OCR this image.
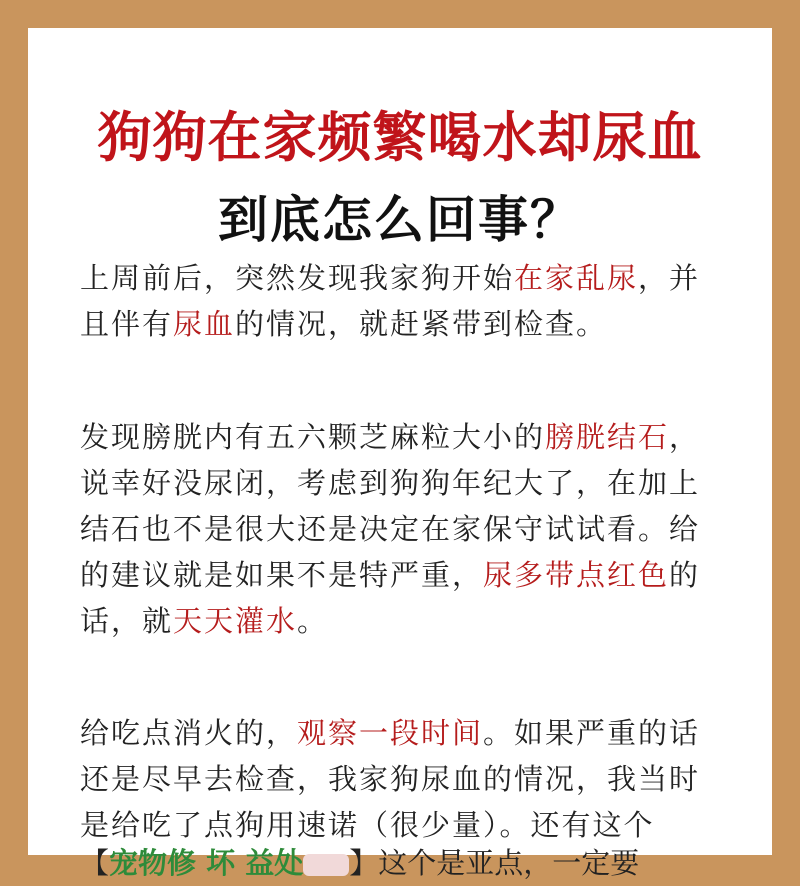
狗狗在家频繁喝水却尿血
到底怎么回事？
上周前后，突然发现我家狗开始在家乱尿，并且伴有尿血的情况，就赶紧带到检查。
发现膀胱内有五六颗芝麻粒大小的膀胱结石，说幸好没尿闭，考虑到狗狗年纪大了，在加上结石也不是很大还是决定在家保守试试看。给的建议就是如果不是特严重，尿多带点红色的话，就天天灌水。
给吃点消火的，观察一段时间。如果严重的话还是尽早去检查，我家狗尿血的情况，我当时是给吃了点狗用速诺（很少量）。还有这个
【宠物修 坏 益处 】这个是亚点，一定要
